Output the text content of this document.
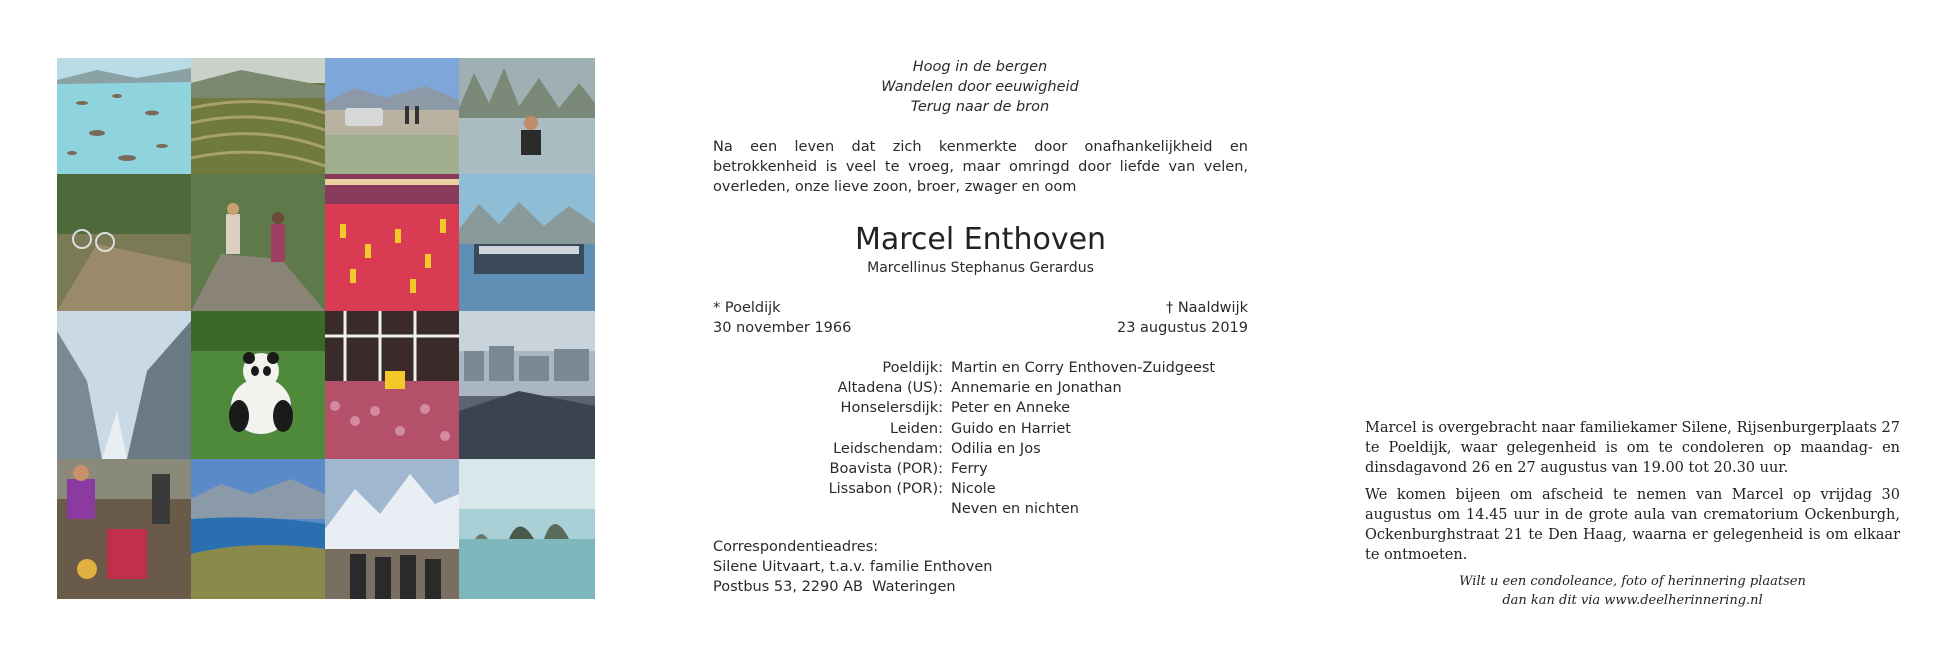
Hoog in de bergen
Wandelen door eeuwigheid
Terug naar de bron
Na een leven dat zich kenmerkte door onafhankelijkheid en betrokkenheid is veel te vroeg, maar omringd door liefde van velen, overleden, onze lieve zoon, broer, zwager en oom
Marcel Enthoven
Marcellinus Stephanus Gerardus
* Poeldijk
30 november 1966
† Naaldwijk
23 augustus 2019
Poeldijk: Martin en Corry Enthoven-Zuidgeest
Altadena (US): Annemarie en Jonathan
Honselersdijk: Peter en Anneke
Leiden: Guido en Harriet
Leidschendam: Odilia en Jos
Boavista (POR): Ferry
Lissabon (POR): Nicole
Neven en nichten
Correspondentieadres:
Silene Uitvaart, t.a.v. familie Enthoven
Postbus 53, 2290 AB  Wateringen

Marcel is overgebracht naar familiekamer Silene, Rijsenburgerplaats 27 te Poeldijk, waar gelegenheid is om te condoleren op maandag- en dinsdagavond 26 en 27 augustus van 19.00 tot 20.30 uur.

We komen bijeen om afscheid te nemen van Marcel op vrijdag 30 augustus om 14.45 uur in de grote aula van crematorium Ockenburgh, Ockenburghstraat 21 te Den Haag, waarna er gelegenheid is om elkaar te ontmoeten.

Wilt u een condoleance, foto of herinnering plaatsen
dan kan dit via www.deelherinnering.nl
